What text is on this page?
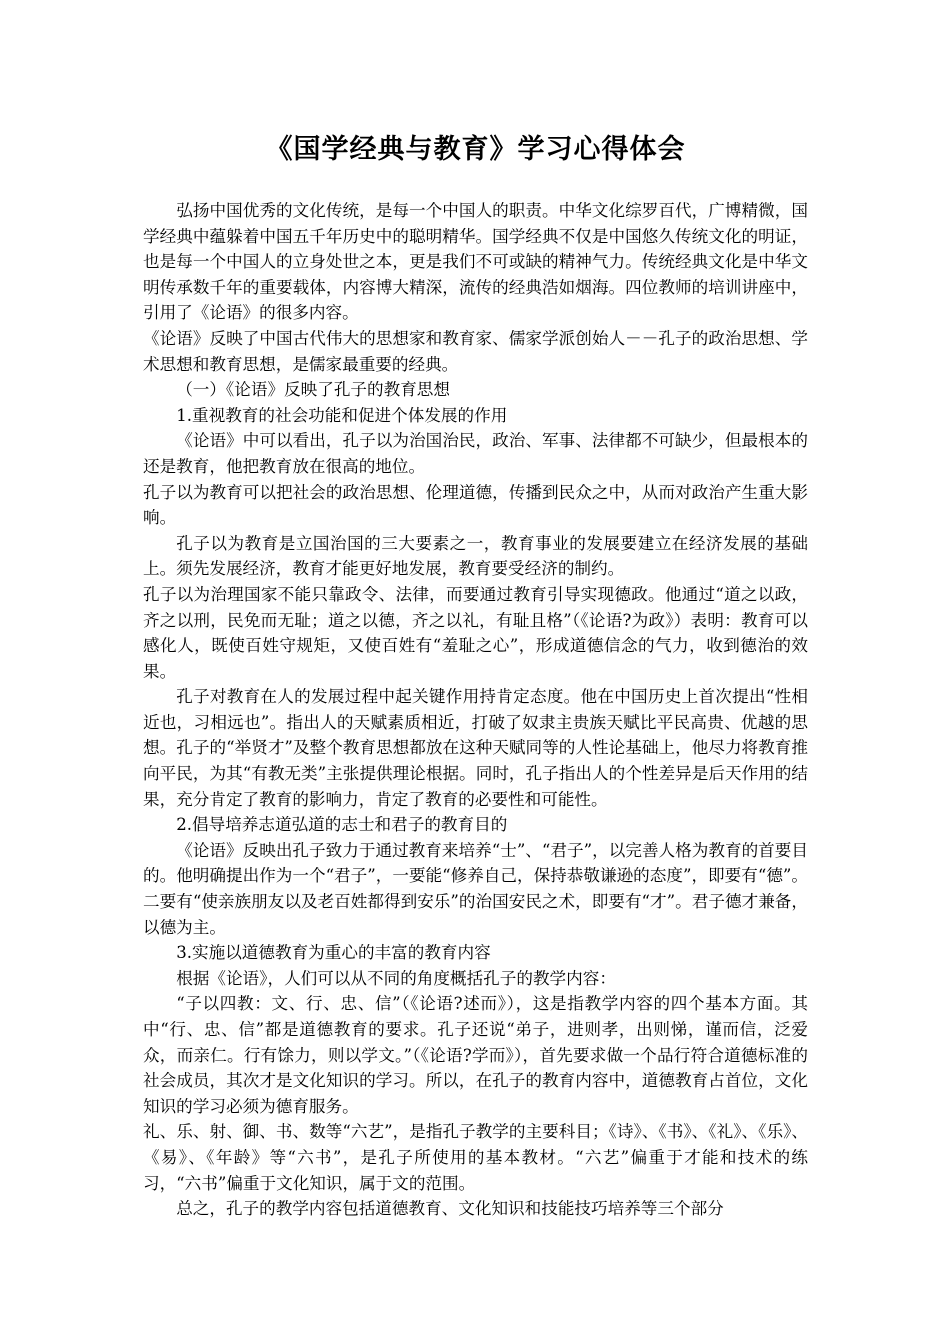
《国学经典与教育》学习心得体会

弘扬中国优秀的文化传统，是每一个中国人的职责。中华文化综罗百代，广博精微，国学经典中蕴躲着中国五千年历史中的聪明精华。国学经典不仅是中国悠久传统文化的明证，也是每一个中国人的立身处世之本，更是我们不可或缺的精神气力。传统经典文化是中华文明传承数千年的重要载体，内容博大精深，流传的经典浩如烟海。四位教师的培训讲座中，引用了《论语》的很多内容。

《论语》反映了中国古代伟大的思想家和教育家、儒家学派创始人－－孔子的政治思想、学术思想和教育思想，是儒家最重要的经典。

（一）《论语》反映了孔子的教育思想

1.重视教育的社会功能和促进个体发展的作用

《论语》中可以看出，孔子以为治国治民，政治、军事、法律都不可缺少，但最根本的还是教育，他把教育放在很高的地位。

孔子以为教育可以把社会的政治思想、伦理道德，传播到民众之中，从而对政治产生重大影响。

孔子以为教育是立国治国的三大要素之一，教育事业的发展要建立在经济发展的基础上。须先发展经济，教育才能更好地发展，教育要受经济的制约。

孔子以为治理国家不能只靠政令、法律，而要通过教育引导实现德政。他通过“道之以政，齐之以刑，民免而无耻；道之以德，齐之以礼，有耻且格”（《论语?为政》）表明：教育可以感化人，既使百姓守规矩，又使百姓有“羞耻之心”，形成道德信念的气力，收到德治的效果。

孔子对教育在人的发展过程中起关键作用持肯定态度。他在中国历史上首次提出“性相近也，习相远也”。指出人的天赋素质相近，打破了奴隶主贵族天赋比平民高贵、优越的思想。孔子的“举贤才”及整个教育思想都放在这种天赋同等的人性论基础上，他尽力将教育推向平民，为其“有教无类”主张提供理论根据。同时，孔子指出人的个性差异是后天作用的结果，充分肯定了教育的影响力，肯定了教育的必要性和可能性。

2.倡导培养志道弘道的志士和君子的教育目的

《论语》反映出孔子致力于通过教育来培养“士”、“君子”，以完善人格为教育的首要目的。他明确提出作为一个“君子”，一要能“修养自己，保持恭敬谦逊的态度”，即要有“德”。二要有“使亲族朋友以及老百姓都得到安乐”的治国安民之术，即要有“才”。君子德才兼备，以德为主。

3.实施以道德教育为重心的丰富的教育内容

根据《论语》，人们可以从不同的角度概括孔子的教学内容：

“子以四教：文、行、忠、信”（《论语?述而》），这是指教学内容的四个基本方面。其中“行、忠、信”都是道德教育的要求。孔子还说“弟子，进则孝，出则悌，谨而信，泛爱众，而亲仁。行有馀力，则以学文。”（《论语?学而》），首先要求做一个品行符合道德标准的社会成员，其次才是文化知识的学习。所以，在孔子的教育内容中，道德教育占首位，文化知识的学习必须为德育服务。

礼、乐、射、御、书、数等“六艺”，是指孔子教学的主要科目；《诗》、《书》、《礼》、《乐》、《易》、《年龄》等“六书”，是孔子所使用的基本教材。“六艺”偏重于才能和技术的练习，“六书”偏重于文化知识，属于文的范围。

总之，孔子的教学内容包括道德教育、文化知识和技能技巧培养等三个部分
